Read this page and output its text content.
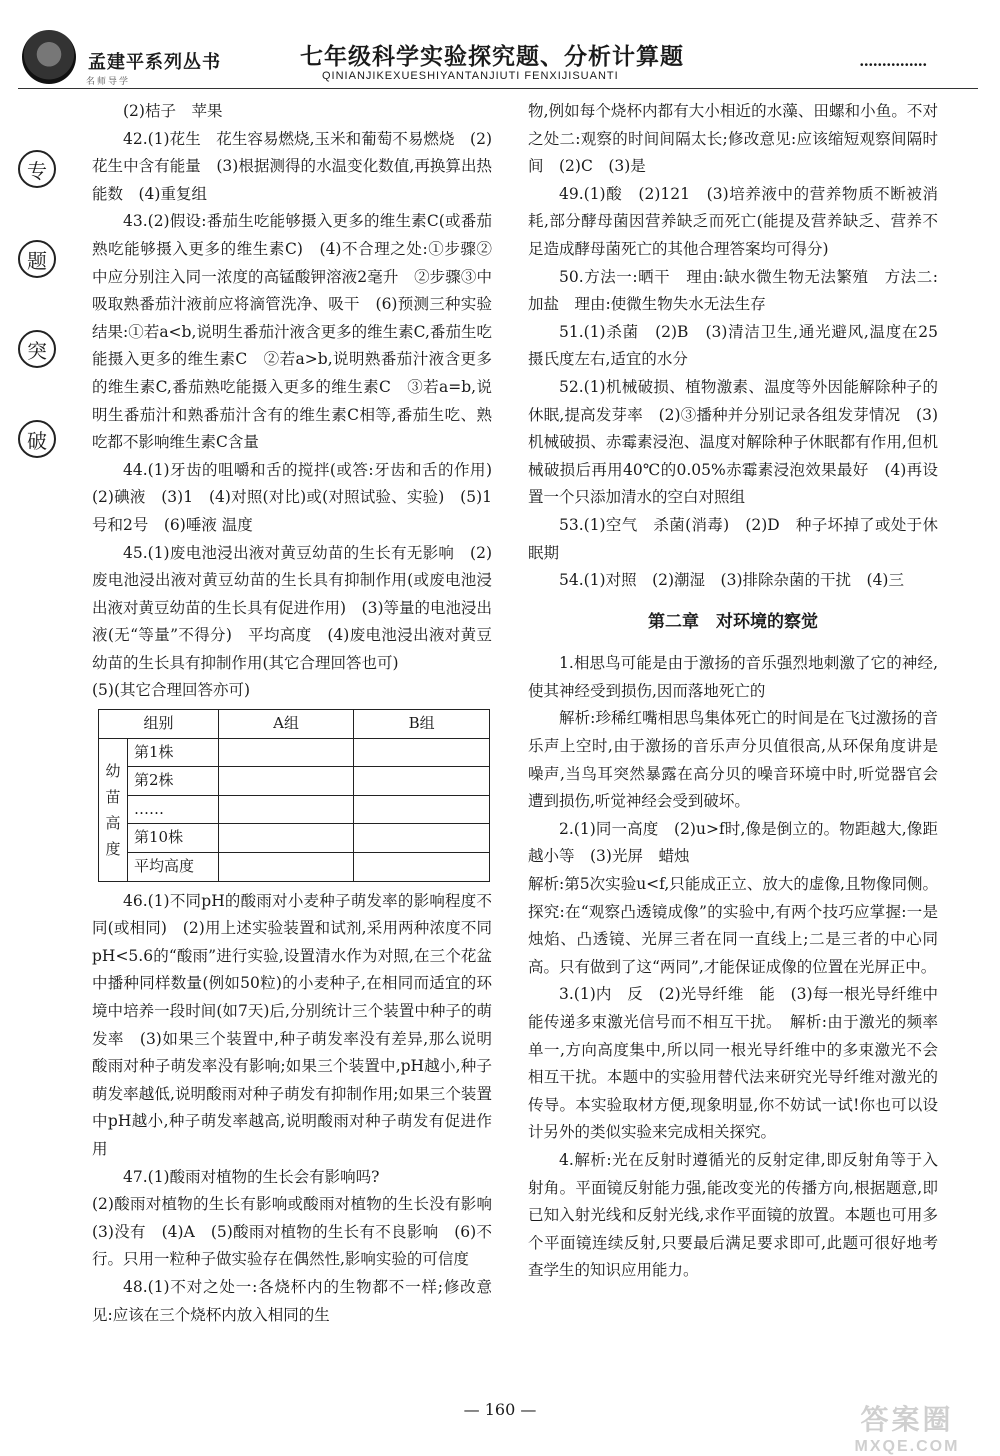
孟建平系列丛书
名师导学
七年级科学实验探究题、分析计算题
QINIANJIKEXUESHIYANTANJIUTI FENXIJISUANTI
•••••••••••••••
专
题
突
破

(2)桔子　苹果

42.(1)花生　花生容易燃烧,玉米和葡萄不易燃烧　(2)花生中含有能量　(3)根据测得的水温变化数值,再换算出热能数　(4)重复组

43.(2)假设:番茄生吃能够摄入更多的维生素C(或番茄熟吃能够摄入更多的维生素C)　(4)不合理之处:①步骤②中应分别注入同一浓度的高锰酸钾溶液2毫升　②步骤③中吸取熟番茄汁液前应将滴管洗净、吸干　(6)预测三种实验结果:①若a<b,说明生番茄汁液含更多的维生素C,番茄生吃能摄入更多的维生素C　②若a>b,说明熟番茄汁液含更多的维生素C,番茄熟吃能摄入更多的维生素C　③若a=b,说明生番茄汁和熟番茄汁含有的维生素C相等,番茄生吃、熟吃都不影响维生素C含量

44.(1)牙齿的咀嚼和舌的搅拌(或答:牙齿和舌的作用)　(2)碘液　(3)1　(4)对照(对比)或(对照试验、实验)　(5)1号和2号　(6)唾液 温度

45.(1)废电池浸出液对黄豆幼苗的生长有无影响　(2)废电池浸出液对黄豆幼苗的生长具有抑制作用(或废电池浸出液对黄豆幼苗的生长具有促进作用)　(3)等量的电池浸出液(无“等量”不得分)　平均高度　(4)废电池浸出液对黄豆幼苗的生长具有抑制作用(其它合理回答也可)

(5)(其它合理回答亦可)

组别		A组	B组
幼苗高度	第1株		
	第2株		
	……		
	第10株		
	平均高度		

46.(1)不同pH的酸雨对小麦种子萌发率的影响程度不同(或相同)　(2)用上述实验装置和试剂,采用两种浓度不同pH<5.6的“酸雨”进行实验,设置清水作为对照,在三个花盆中播种同样数量(例如50粒)的小麦种子,在相同而适宜的环境中培养一段时间(如7天)后,分别统计三个装置中种子的萌发率　(3)如果三个装置中,种子萌发率没有差异,那么说明酸雨对种子萌发率没有影响;如果三个装置中,pH越小,种子萌发率越低,说明酸雨对种子萌发有抑制作用;如果三个装置中pH越小,种子萌发率越高,说明酸雨对种子萌发有促进作用

47.(1)酸雨对植物的生长会有影响吗?

(2)酸雨对植物的生长有影响或酸雨对植物的生长没有影响　(3)没有　(4)A　(5)酸雨对植物的生长有不良影响　(6)不行。只用一粒种子做实验存在偶然性,影响实验的可信度

48.(1)不对之处一:各烧杯内的生物都不一样;修改意见:应该在三个烧杯内放入相同的生

物,例如每个烧杯内都有大小相近的水藻、田螺和小鱼。不对之处二:观察的时间间隔太长;修改意见:应该缩短观察间隔时间　(2)C　(3)是

49.(1)酸　(2)121　(3)培养液中的营养物质不断被消耗,部分酵母菌因营养缺乏而死亡(能提及营养缺乏、营养不足造成酵母菌死亡的其他合理答案均可得分)

50.方法一:晒干　理由:缺水微生物无法繁殖　方法二:加盐　理由:使微生物失水无法生存

51.(1)杀菌　(2)B　(3)清洁卫生,通光避风,温度在25摄氏度左右,适宜的水分

52.(1)机械破损、植物激素、温度等外因能解除种子的休眠,提高发芽率　(2)③播种并分别记录各组发芽情况　(3)机械破损、赤霉素浸泡、温度对解除种子休眠都有作用,但机械破损后再用40℃的0.05%赤霉素浸泡效果最好　(4)再设置一个只添加清水的空白对照组

53.(1)空气　杀菌(消毒)　(2)D　种子坏掉了或处于休眠期

54.(1)对照　(2)潮湿　(3)排除杂菌的干扰　(4)三

第二章　对环境的察觉

1.相思鸟可能是由于激扬的音乐强烈地刺激了它的神经,使其神经受到损伤,因而落地死亡的

解析:珍稀红嘴相思鸟集体死亡的时间是在飞过激扬的音乐声上空时,由于激扬的音乐声分贝值很高,从环保角度讲是噪声,当鸟耳突然暴露在高分贝的噪音环境中时,听觉器官会遭到损伤,听觉神经会受到破坏。

2.(1)同一高度　(2)u>f时,像是倒立的。物距越大,像距越小等　(3)光屏　蜡烛

解析:第5次实验u<f,只能成正立、放大的虚像,且物像同侧。探究:在“观察凸透镜成像”的实验中,有两个技巧应掌握:一是烛焰、凸透镜、光屏三者在同一直线上;二是三者的中心同高。只有做到了这“两同”,才能保证成像的位置在光屏正中。

3.(1)内　反　(2)光导纤维　能　(3)每一根光导纤维中能传递多束激光信号而不相互干扰。　解析:由于激光的频率单一,方向高度集中,所以同一根光导纤维中的多束激光不会相互干扰。本题中的实验用替代法来研究光导纤维对激光的传导。本实验取材方便,现象明显,你不妨试一试!你也可以设计另外的类似实验来完成相关探究。

4.解析:光在反射时遵循光的反射定律,即反射角等于入射角。平面镜反射能力强,能改变光的传播方向,根据题意,即已知入射光线和反射光线,求作平面镜的放置。本题也可用多个平面镜连续反射,只要最后满足要求即可,此题可很好地考查学生的知识应用能力。

— 160 —	答案圈
MXQE.COM
